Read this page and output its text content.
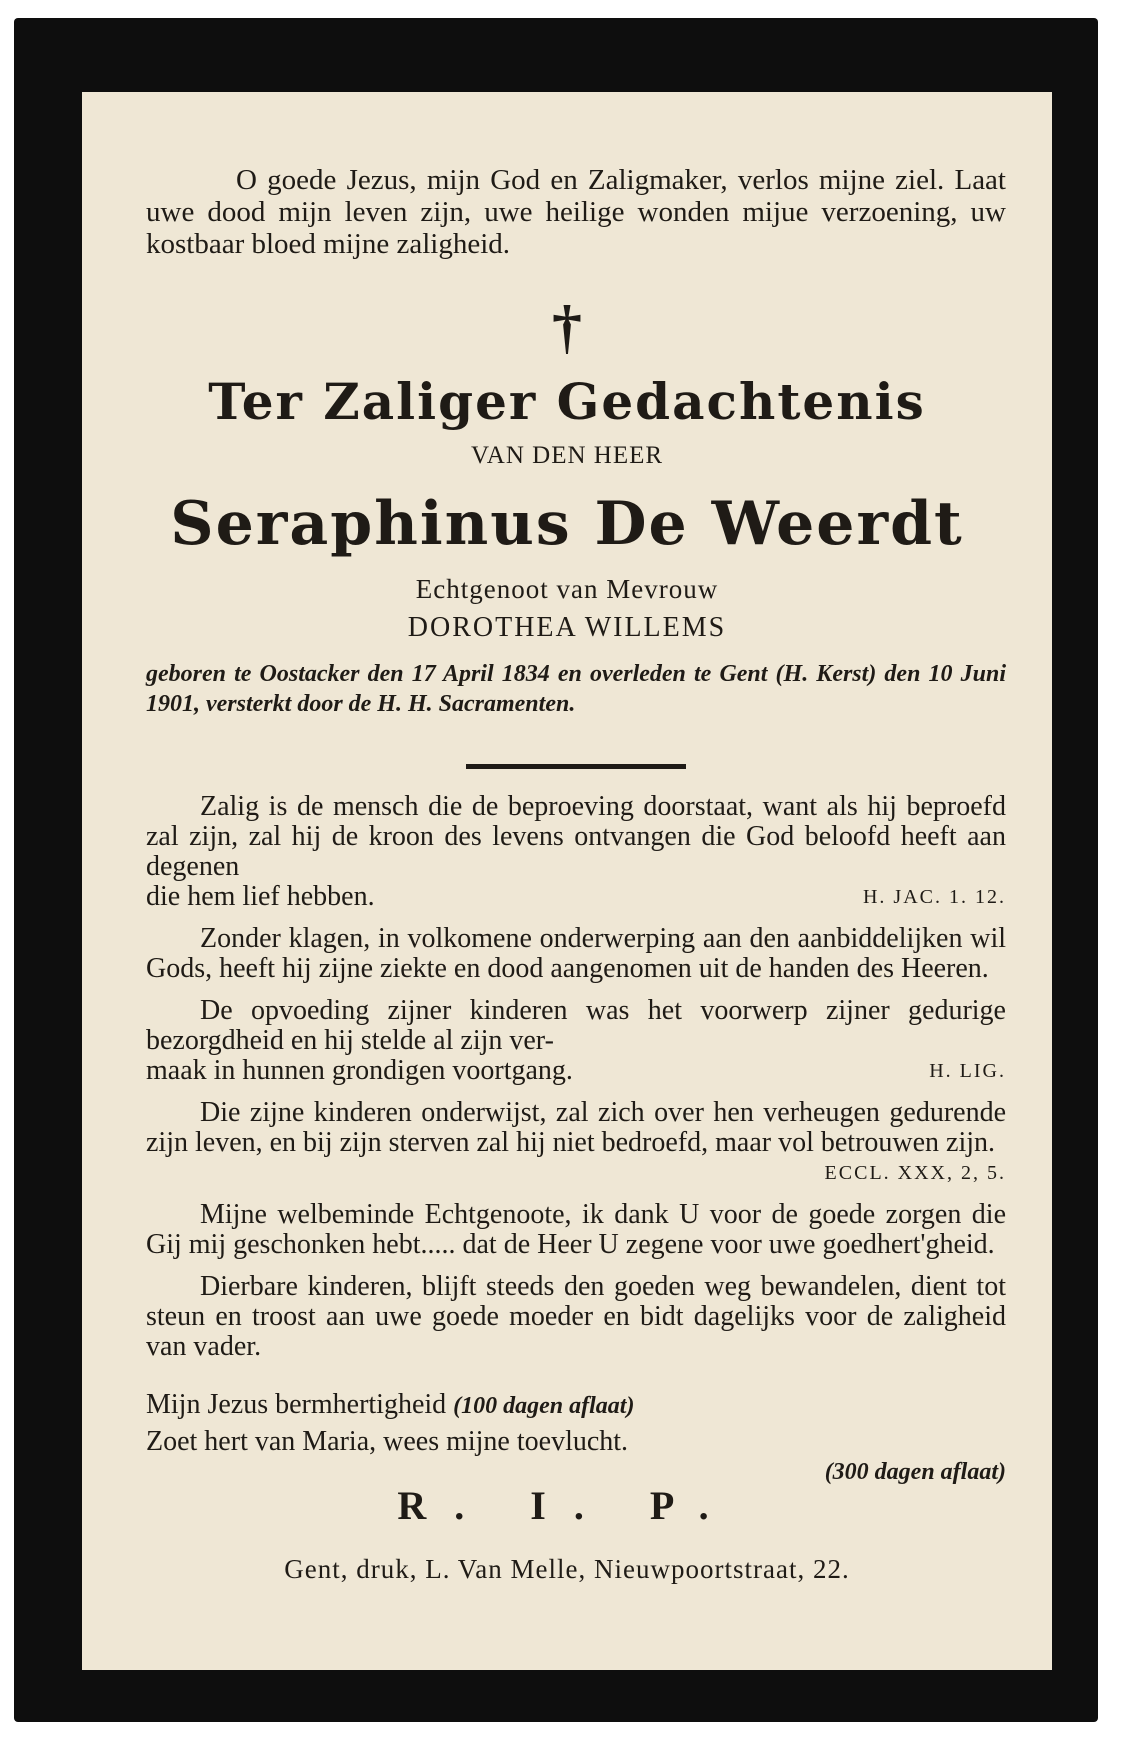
O goede Jezus, mijn God en Zaligmaker, verlos mijne ziel. Laat uwe dood mijn leven zijn, uwe heilige wonden mijue verzoening, uw kostbaar bloed mijne zaligheid.

†
Ter Zaliger Gedachtenis
VAN DEN HEER
Seraphinus De Weerdt
Echtgenoot van Mevrouw
DOROTHEA WILLEMS

geboren te Oostacker den 17 April 1834 en overleden te Gent (H. Kerst) den 10 Juni 1901, versterkt door de H. H. Sacramenten.

Zalig is de mensch die de beproeving doorstaat, want als hij beproefd zal zijn, zal hij de kroon des levens ontvangen die God beloofd heeft aan degenen

die hem lief hebben.	H. JAC. 1. 12.

Zonder klagen, in volkomene onderwerping aan den aanbiddelijken wil Gods, heeft hij zijne ziekte en dood aangenomen uit de handen des Heeren.

De opvoeding zijner kinderen was het voorwerp zijner gedurige bezorgdheid en hij stelde al zijn ver-

maak in hunnen grondigen voortgang.	H. LIG.

Die zijne kinderen onderwijst, zal zich over hen verheugen gedurende zijn leven, en bij zijn sterven zal hij niet bedroefd, maar vol betrouwen zijn.

ECCL. XXX, 2, 5.

Mijne welbeminde Echtgenoote, ik dank U voor de goede zorgen die Gij mij geschonken hebt..... dat de Heer U zegene voor uwe goedhert'gheid.

Dierbare kinderen, blijft steeds den goeden weg bewandelen, dient tot steun en troost aan uwe goede moeder en bidt dagelijks voor de zaligheid van vader.

Mijn Jezus bermhertigheid (100 dagen aflaat)
Zoet hert van Maria, wees mijne toevlucht.
(300 dagen aflaat)
R. I. P.
Gent, druk, L. Van Melle, Nieuwpoortstraat, 22.
